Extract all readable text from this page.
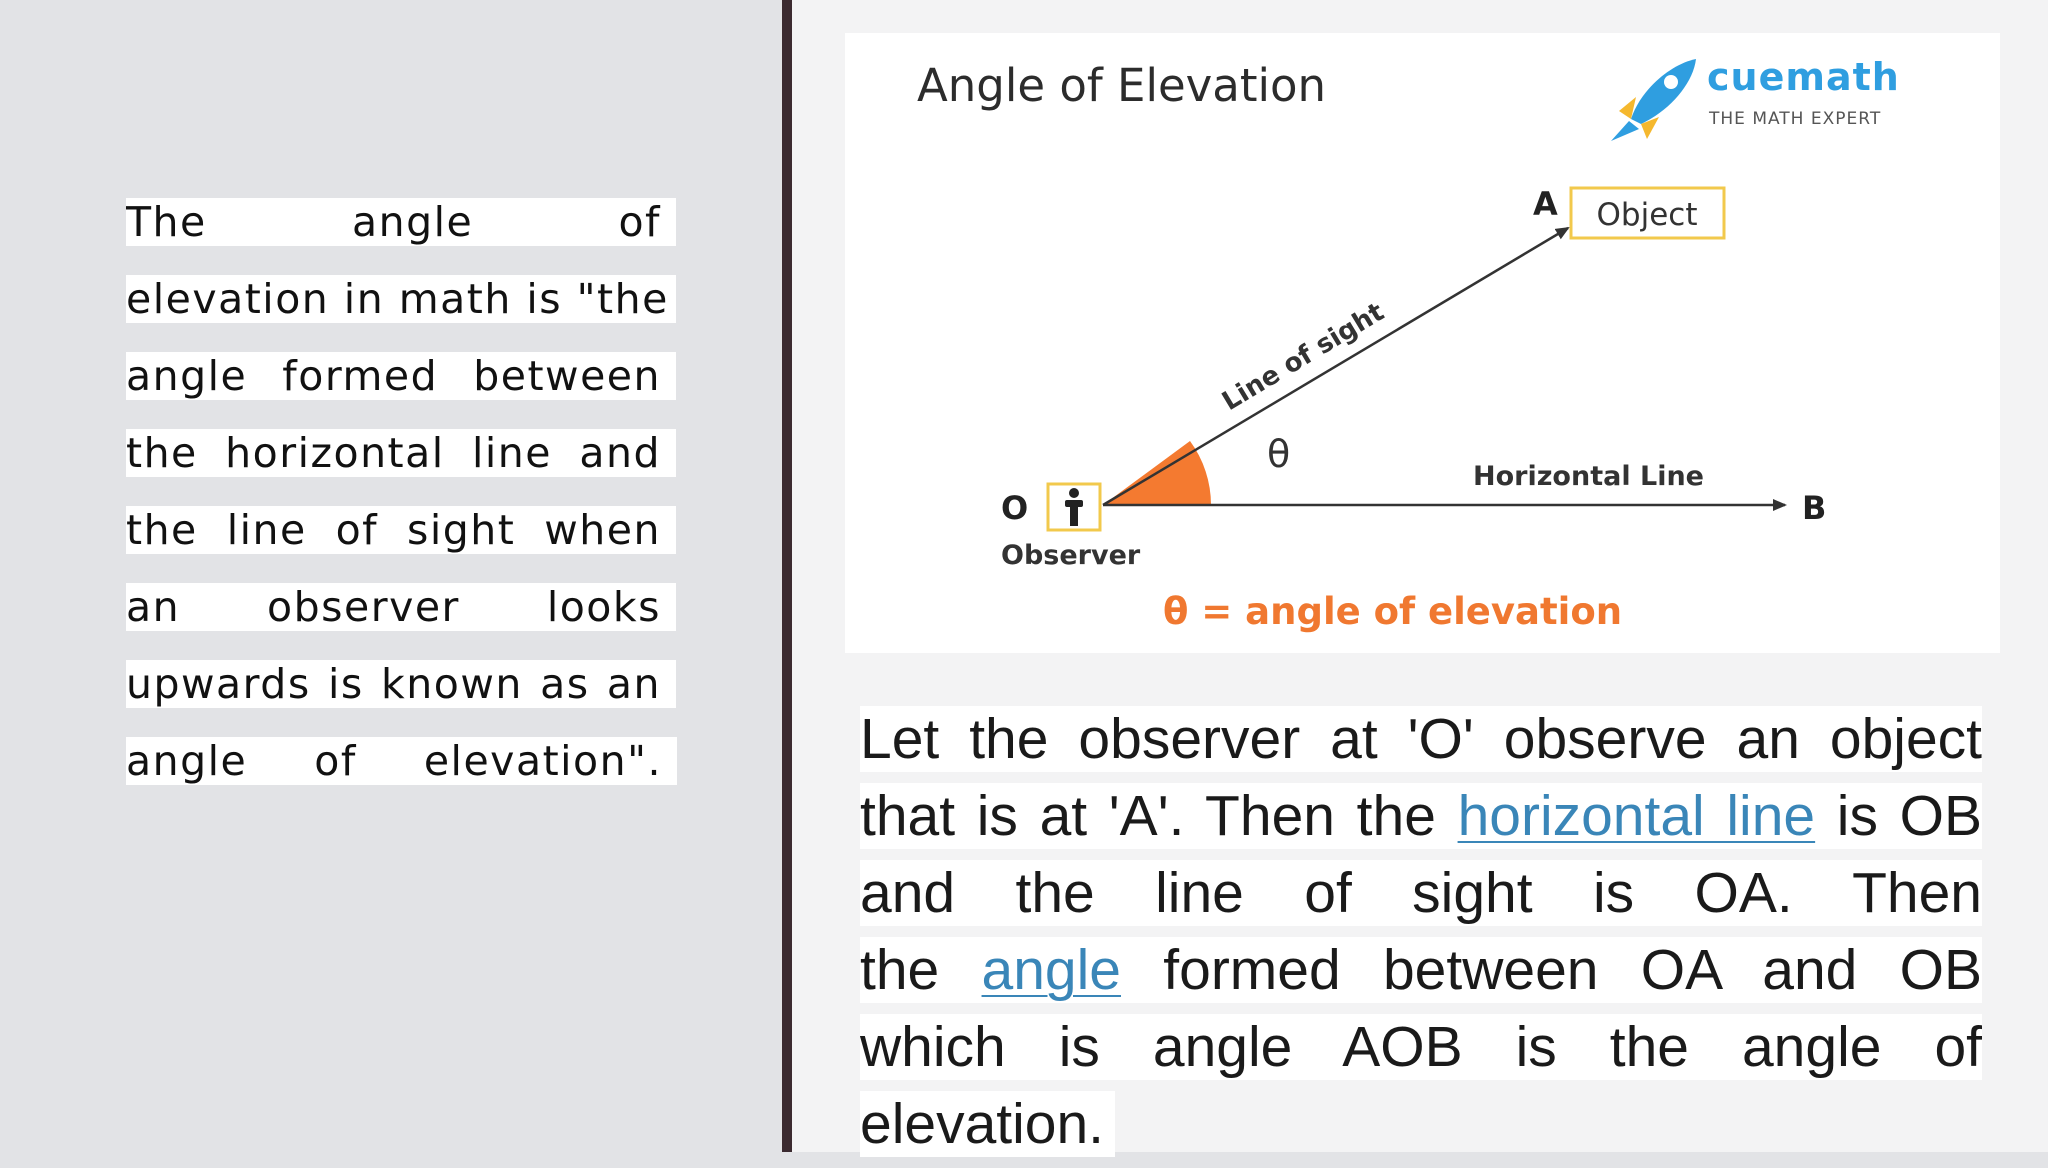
The angle of
elevation in math is "the
angle formed between
the horizontal line and
the line of sight when
an observer looks
upwards is known as an
angle of elevation".
Angle of Elevation	cuemath
THE MATH EXPERT
Object
A
O	B
Observer
Horizontal Line
Line of sight
θ
θ = angle of elevation
Let the observer at 'O' observe an object
that is at 'A'. Then the horizontal line is OB
and the line of sight is OA. Then
the angle formed between OA and OB
which is angle AOB is the angle of
elevation.
